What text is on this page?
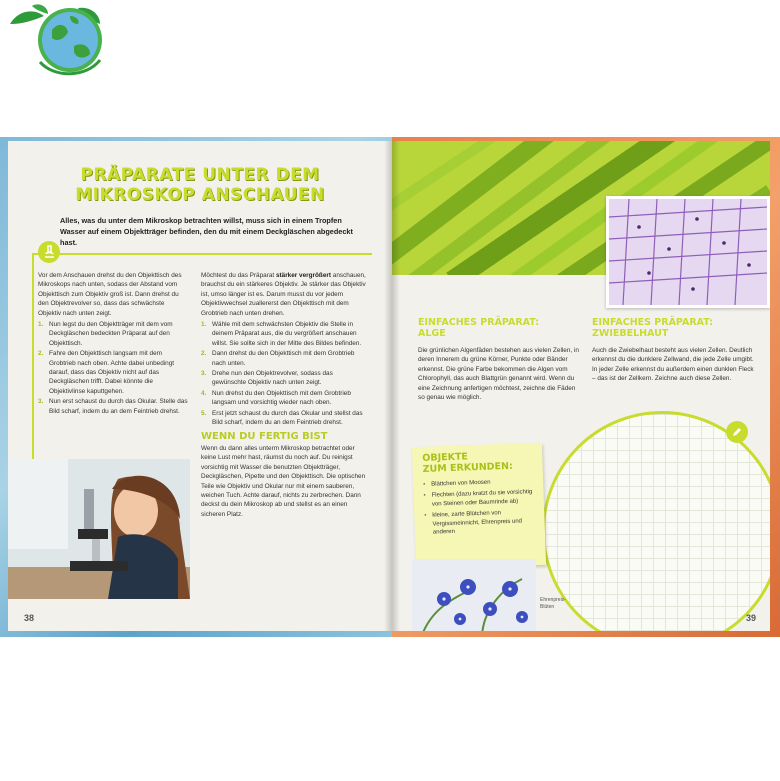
PRÄPARATE UNTER DEM
MIKROSKOP ANSCHAUEN
Alles, was du unter dem Mikroskop betrachten willst, muss sich in einem Tropfen Wasser auf einem Objektträger befinden, den du mit einem Deckgläschen abgedeckt hast.

Vor dem Anschauen drehst du den Objekttisch des Mikroskops nach unten, sodass der Abstand vom Objekttisch zum Objektiv groß ist. Dann drehst du den Objektrevolver so, dass das schwächste Objektiv nach unten zeigt.

1. Nun legst du den Objektträger mit dem vom Deckgläschen bedeckten Präparat auf den Objekttisch.
2. Fahre den Objekttisch langsam mit dem Grobtrieb nach oben. Achte dabei unbedingt darauf, dass das Objektiv nicht auf das Deckgläschen trifft. Dabei könnte die Objektivlinse kaputtgehen.
3. Nun erst schaust du durch das Okular. Stelle das Bild scharf, indem du an dem Feintrieb drehst.

Möchtest du das Präparat stärker vergrößert anschauen, brauchst du ein stärkeres Objektiv. Je stärker das Objektiv ist, umso länger ist es. Darum musst du vor jedem Objektivwechsel zuallererst den Objekttisch mit dem Grobtrieb nach unten drehen.

1. Wähle mit dem schwächsten Objektiv die Stelle in deinem Präparat aus, die du vergrößert anschauen willst. Sie sollte sich in der Mitte des Bildes befinden.
2. Dann drehst du den Objekttisch mit dem Grobtrieb nach unten.
3. Drehe nun den Objektrevolver, sodass das gewünschte Objektiv nach unten zeigt.
4. Nun drehst du den Objekttisch mit dem Grobtrieb langsam und vorsichtig wieder nach oben.
5. Erst jetzt schaust du durch das Okular und stellst das Bild scharf, indem du an dem Feintrieb drehst.
WENN DU FERTIG BIST

Wenn du dann alles unterm Mikroskop betrachtet oder keine Lust mehr hast, räumst du noch auf. Du reinigst vorsichtig mit Wasser die benutzten Objektträger, Deckgläschen, Pipette und den Objekttisch. Die optischen Teile wie Objektiv und Okular nur mit einem sauberen, weichen Tuch. Achte darauf, nichts zu zerbrechen. Dann deckst du dein Mikroskop ab und stellst es an einen sicheren Platz.

38
EINFACHES PRÄPARAT:
ALGE
Die grünlichen Algenfäden bestehen aus vielen Zellen, in deren Innerem du grüne Körner, Punkte oder Bänder erkennst. Die grüne Farbe bekommen die Algen vom Chlorophyll, das auch Blattgrün genannt wird. Wenn du eine Zeichnung anfertigen möchtest, zeichne die Fäden so genau wie möglich.
EINFACHES PRÄPARAT:
ZWIEBELHAUT
Auch die Zwiebelhaut besteht aus vielen Zellen. Deutlich erkennst du die dunklere Zellwand, die jede Zelle umgibt. In jeder Zelle erkennst du außerdem einen dunklen Fleck – das ist der Zellkern. Zeichne auch diese Zellen.
OBJEKTE
ZUM ERKUNDEN:
• Blättchen von Moosen
• Flechten (dazu kratzt du sie vorsichtig von Steinen oder Baumrinde ab)
• kleine, zarte Blütchen von Vergissmeinnicht, Ehrenpreis und anderen
Ehrenpreis-
Blüten
39
